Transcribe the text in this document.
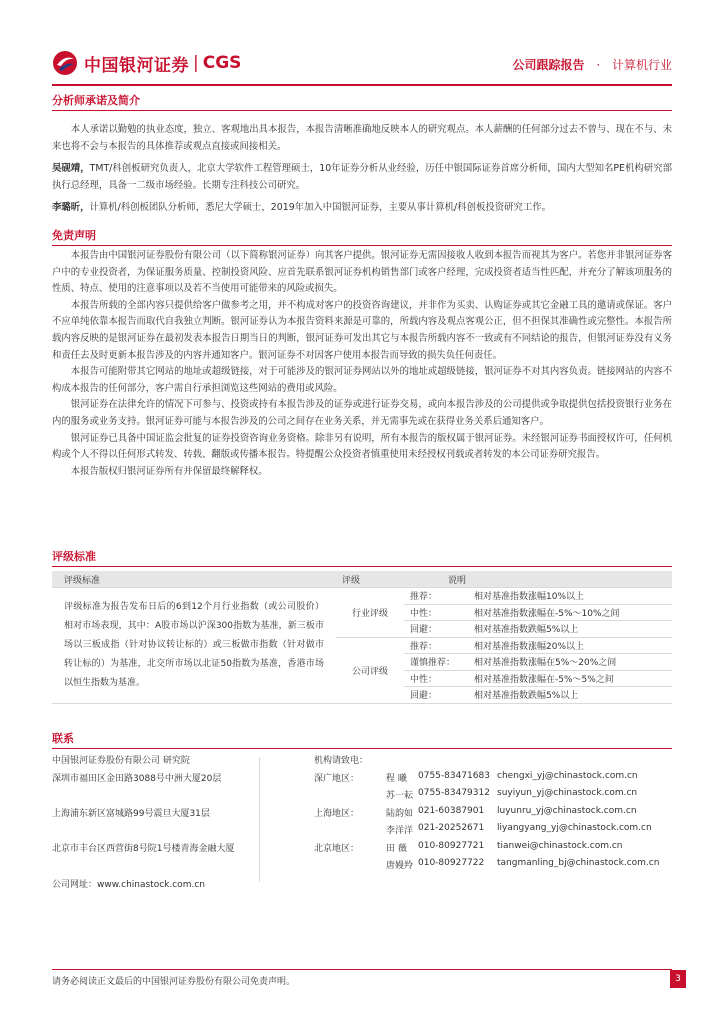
中国银河证券 | CGS	公司跟踪报告 · 计算机行业
分析师承诺及简介

本人承诺以勤勉的执业态度，独立、客观地出具本报告，本报告清晰准确地反映本人的研究观点。本人薪酬的任何部分过去不曾与、现在不与、未来也将不会与本报告的具体推荐或观点直接或间接相关。

吴砚靖，TMT/科创板研究负责人，北京大学软件工程管理硕士，10年证券分析从业经验，历任中银国际证券首席分析师，国内大型知名PE机构研究部执行总经理，具备一二级市场经验。长期专注科技公司研究。

李璐昕，计算机/科创板团队分析师，悉尼大学硕士，2019年加入中国银河证券，主要从事计算机/科创板投资研究工作。

免责声明

本报告由中国银河证券股份有限公司（以下简称银河证券）向其客户提供。银河证券无需因接收人收到本报告而视其为客户。若您并非银河证券客户中的专业投资者，为保证服务质量、控制投资风险、应首先联系银河证券机构销售部门或客户经理，完成投资者适当性匹配，并充分了解该项服务的性质、特点、使用的注意事项以及若不当使用可能带来的风险或损失。

本报告所载的全部内容只提供给客户做参考之用，并不构成对客户的投资咨询建议，并非作为买卖、认购证券或其它金融工具的邀请或保证。客户不应单纯依靠本报告而取代自我独立判断。银河证券认为本报告资料来源是可靠的，所载内容及观点客观公正，但不担保其准确性或完整性。本报告所载内容反映的是银河证券在最初发表本报告日期当日的判断，银河证券可发出其它与本报告所载内容不一致或有不同结论的报告，但银河证券没有义务和责任去及时更新本报告涉及的内容并通知客户。银河证券不对因客户使用本报告而导致的损失负任何责任。

本报告可能附带其它网站的地址或超级链接，对于可能涉及的银河证券网站以外的地址或超级链接，银河证券不对其内容负责。链接网站的内容不构成本报告的任何部分，客户需自行承担浏览这些网站的费用或风险。

银河证券在法律允许的情况下可参与、投资或持有本报告涉及的证券或进行证券交易，或向本报告涉及的公司提供或争取提供包括投资银行业务在内的服务或业务支持。银河证券可能与本报告涉及的公司之间存在业务关系，并无需事先或在获得业务关系后通知客户。

银河证券已具备中国证监会批复的证券投资咨询业务资格。除非另有说明，所有本报告的版权属于银河证券。未经银河证券书面授权许可，任何机构或个人不得以任何形式转发、转载、翻版或传播本报告。特提醒公众投资者慎重使用未经授权刊载或者转发的本公司证券研究报告。

本报告版权归银河证券所有并保留最终解释权。

评级标准
评级标准	评级		说明
评级标准为报告发布日后的6到12个月行业指数（或公司股价）相对市场表现，其中：A股市场以沪深300指数为基准，新三板市场以三板成指（针对协议转让标的）或三板做市指数（针对做市转让标的）为基准，北交所市场以北证50指数为基准，香港市场以恒生指数为基准。	行业评级	推荐： 相对基准指数涨幅10%以上	
		中性： 相对基准指数涨幅在-5%～10%之间	
		回避： 相对基准指数跌幅5%以上	
	公司评级	推荐： 相对基准指数涨幅20%以上	
		谨慎推荐： 相对基准指数涨幅在5%～20%之间	
		中性： 相对基准指数涨幅在-5%～5%之间	
		回避： 相对基准指数跌幅5%以上	
联系
中国银河证券股份有限公司 研究院	机构请致电：
深圳市福田区金田路3088号中洲大厦20层	深广地区：	程 曦 0755-83471683 chengxi_yj@chinastock.com.cn
苏一耘 0755-83479312 suyiyun_yj@chinastock.com.cn
上海浦东新区富城路99号震旦大厦31层	上海地区：	陆韵如 021-60387901 luyunru_yj@chinastock.com.cn
李洋洋 021-20252671 liyangyang_yj@chinastock.com.cn
北京市丰台区西营街8号院1号楼青海金融大厦	北京地区：	田 薇 010-80927721 tianwei@chinastock.com.cn
唐嫚羚 010-80927722 tangmanling_bj@chinastock.com.cn
公司网址：www.chinastock.com.cn
请务必阅读正文最后的中国银河证券股份有限公司免责声明。	3
